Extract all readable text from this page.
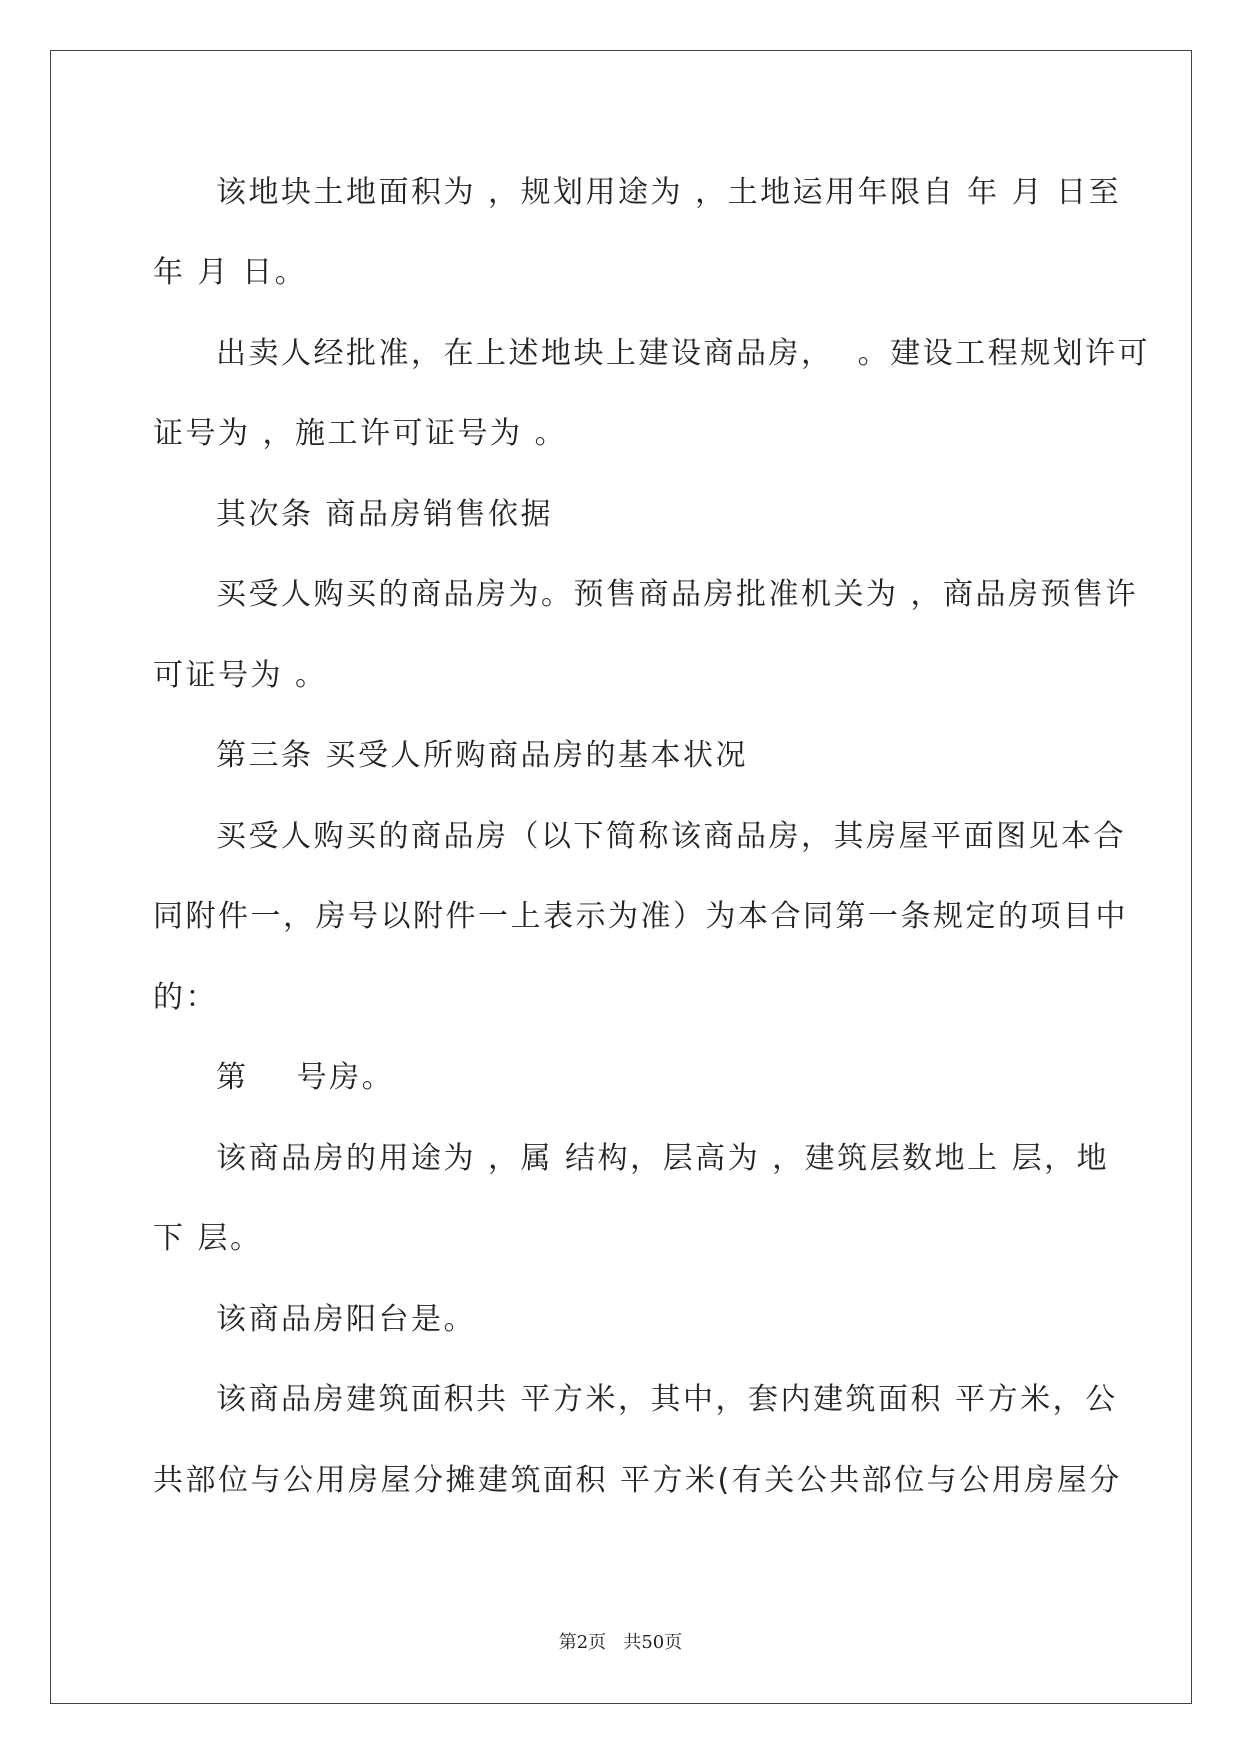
该地块土地面积为 ，规划用途为 ，土地运用年限自 年 月 日至
年 月 日。
出卖人经批准，在上述地块上建设商品房，  。建设工程规划许可
证号为 ，施工许可证号为 。
其次条 商品房销售依据
买受人购买的商品房为。预售商品房批准机关为 ，商品房预售许
可证号为 。
第三条 买受人所购商品房的基本状况
买受人购买的商品房（以下简称该商品房，其房屋平面图见本合
同附件一，房号以附件一上表示为准）为本合同第一条规定的项目中
的：
第    号房。
该商品房的用途为 ，属 结构，层高为 ，建筑层数地上 层，地
下 层。
该商品房阳台是。
该商品房建筑面积共 平方米，其中，套内建筑面积 平方米，公
共部位与公用房屋分摊建筑面积 平方米(有关公共部位与公用房屋分
第2页   共50页
